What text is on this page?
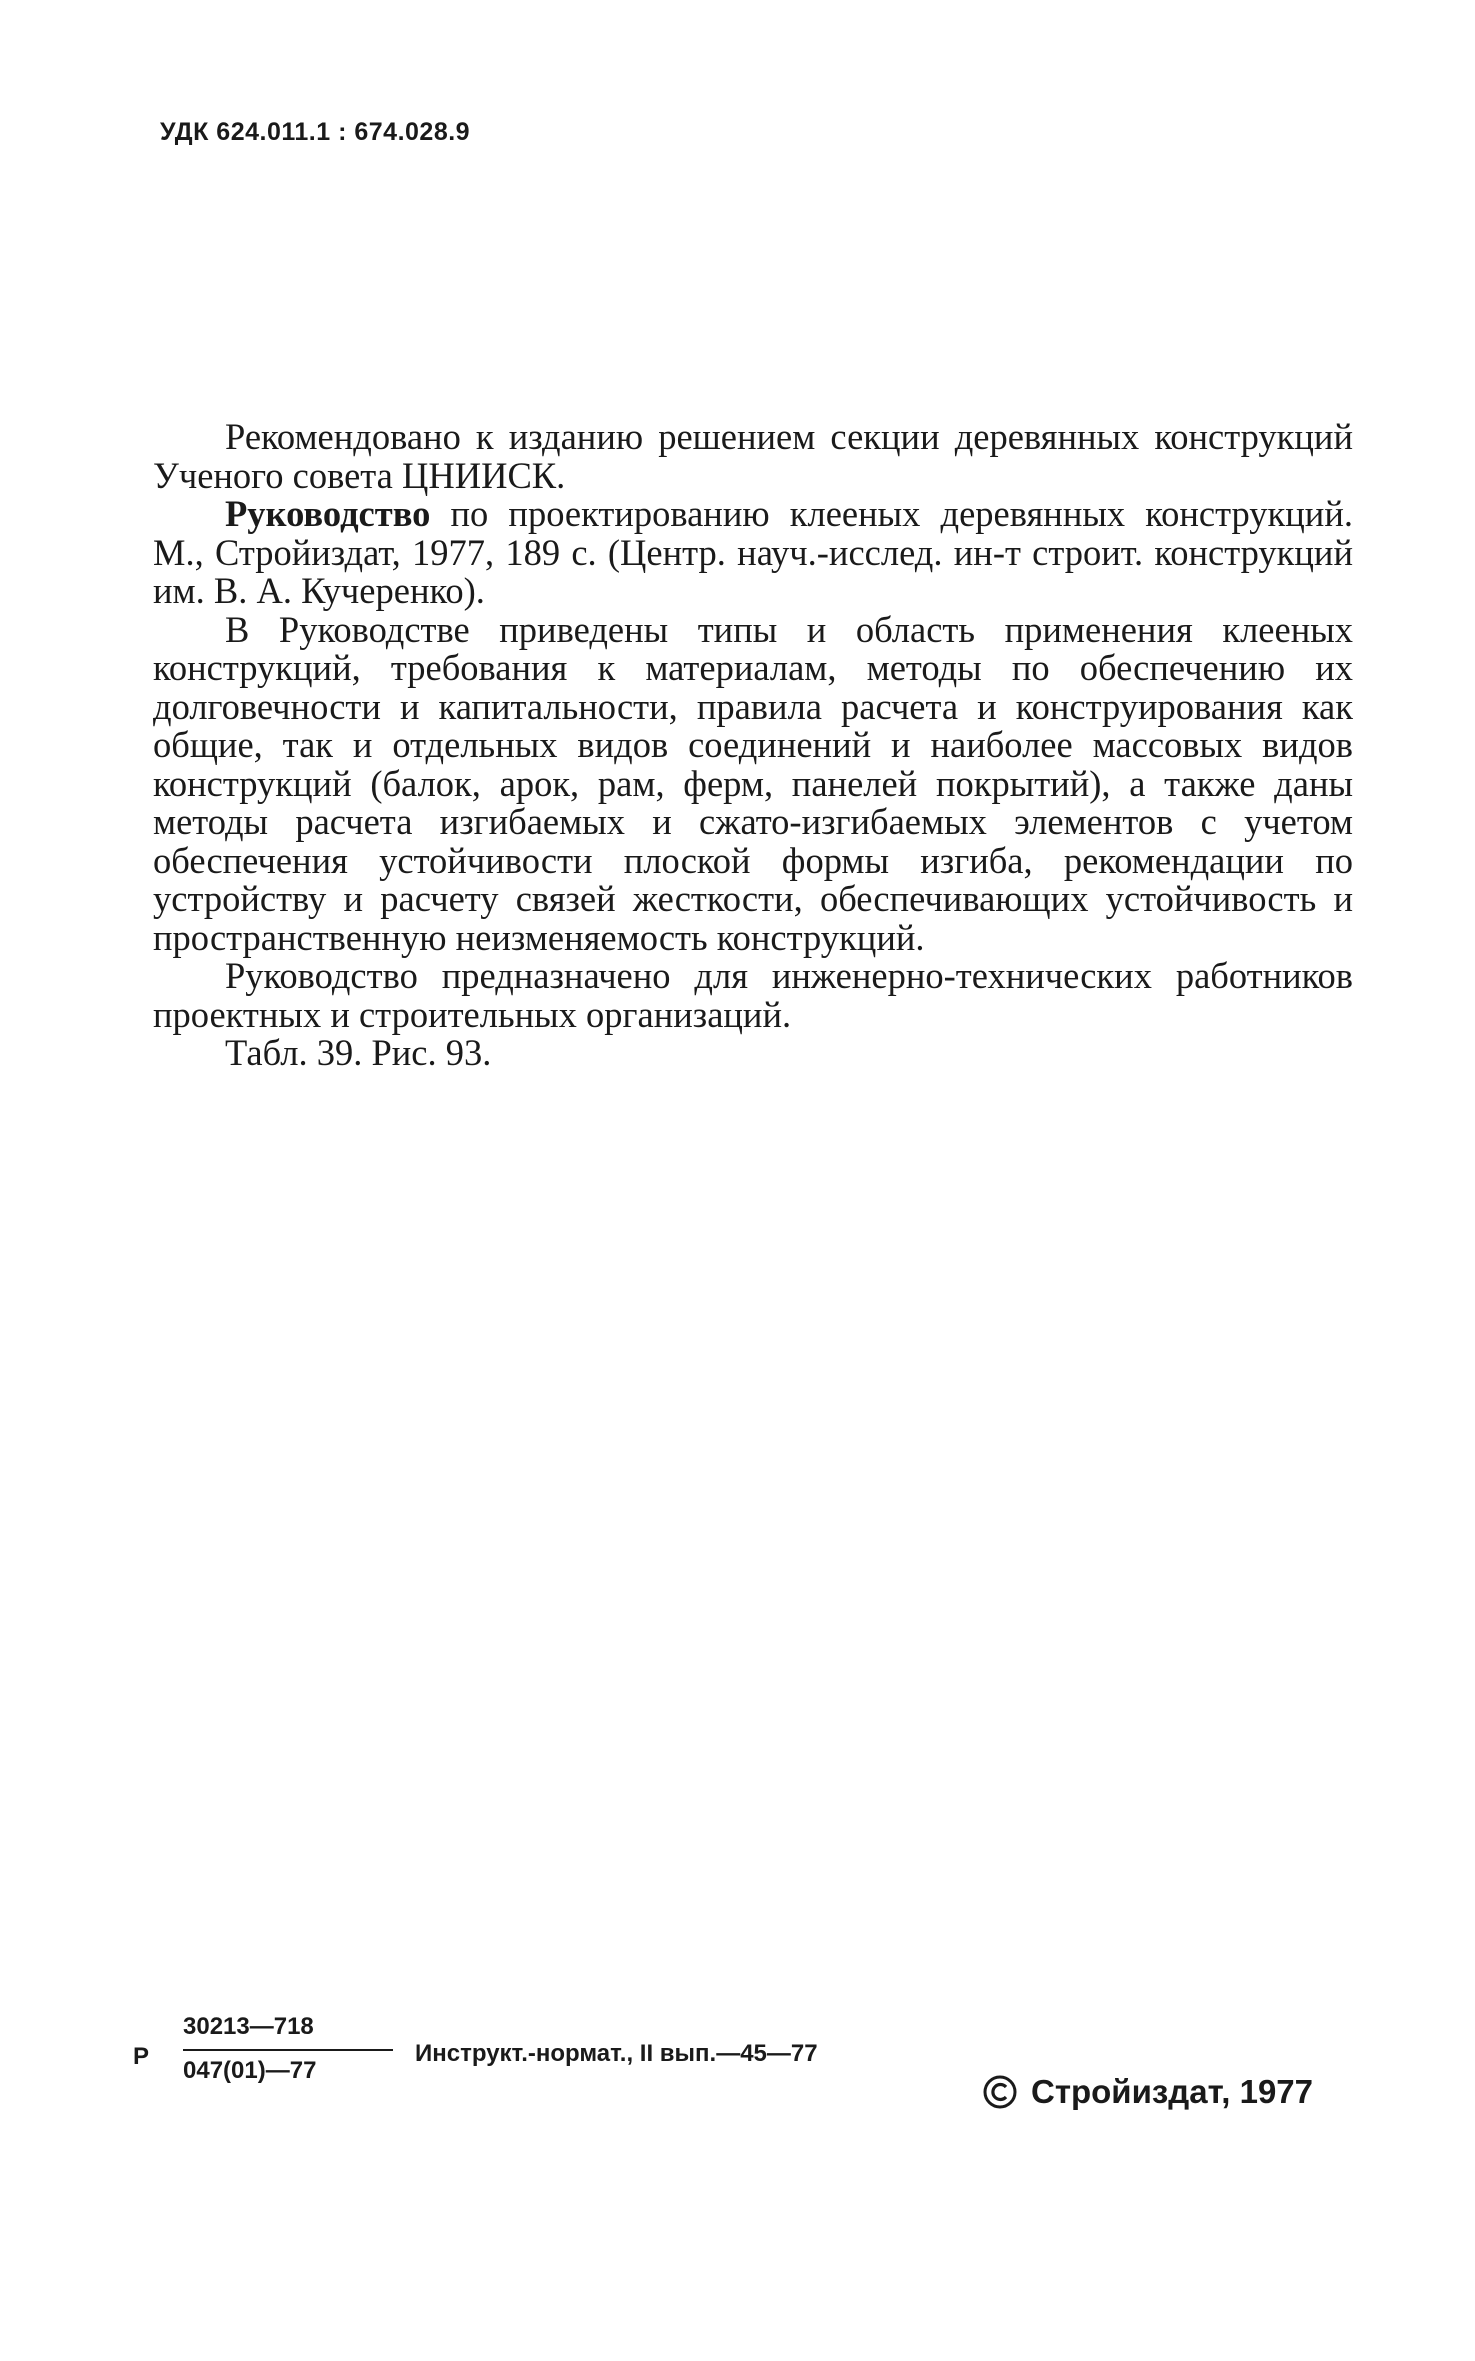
УДК 624.011.1 : 674.028.9

Рекомендовано к изданию решением секции деревянных конструкций Ученого совета ЦНИИСК.

Руководство по проектированию клееных деревянных конструкций. М., Стройиздат, 1977, 189 с. (Центр. науч.-исслед. ин-т строит. конструкций им. В. А. Кучеренко).

В Руководстве приведены типы и область применения клееных конструкций, требования к материалам, методы по обеспечению их долговечности и капитальности, правила расчета и конструирования как общие, так и отдельных видов соединений и наиболее массовых видов конструкций (балок, арок, рам, ферм, панелей покрытий), а также даны методы расчета изгибаемых и сжато-изгибаемых элементов с учетом обеспечения устойчивости плоской формы изгиба, рекомендации по устройству и расчету связей жесткости, обеспечивающих устойчивость и пространственную неизменяемость конструкций.

Руководство предназначено для инженерно-технических работников проектных и строительных организаций.

Табл. 39. Рис. 93.

Р
30213—718
047(01)—77
Инструкт.-нормат., II вып.—45—77
Стройиздат, 1977
